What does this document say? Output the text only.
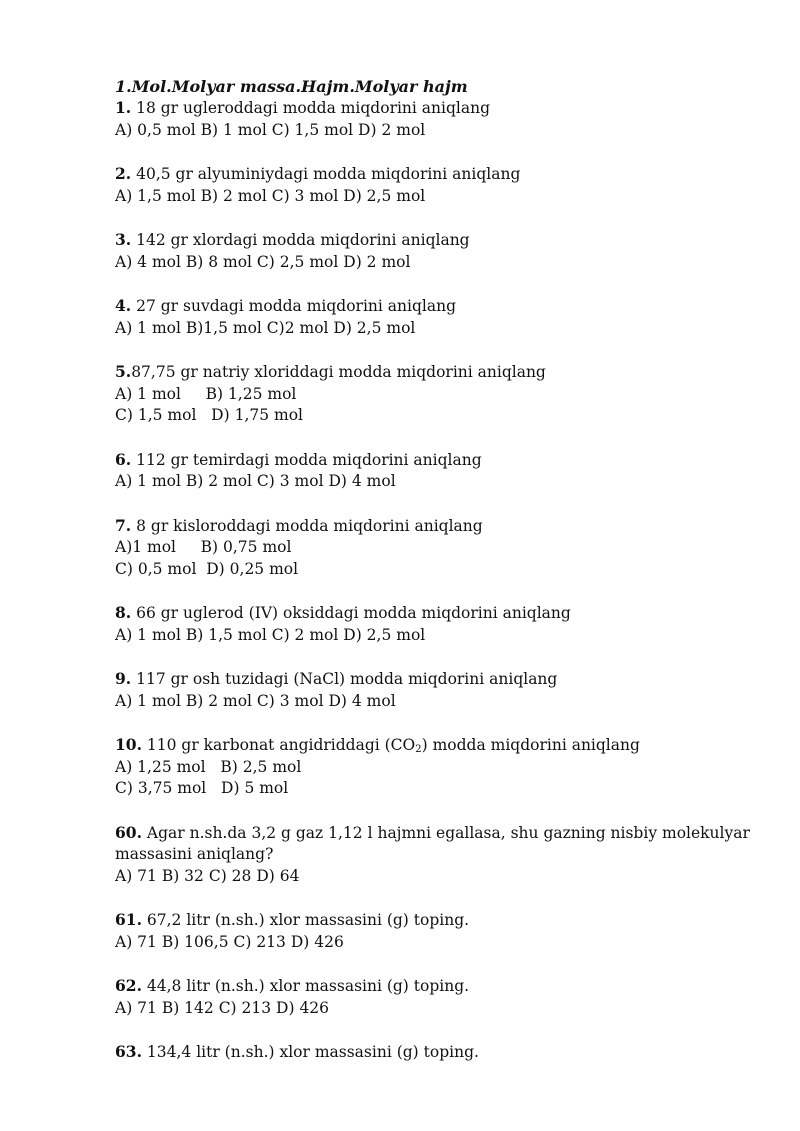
1.Mol.Molyar massa.Hajm.Molyar hajm

1. 18 gr ugleroddagi modda miqdorini aniqlang

A) 0,5 mol B) 1 mol C) 1,5 mol D) 2 mol

2. 40,5 gr alyuminiydagi modda miqdorini aniqlang

A) 1,5 mol B) 2 mol C) 3 mol D) 2,5 mol

3. 142 gr xlordagi modda miqdorini aniqlang

A) 4 mol B) 8 mol C) 2,5 mol D) 2 mol

4. 27 gr suvdagi modda miqdorini aniqlang

A) 1 mol B)1,5 mol C)2 mol D) 2,5 mol

5.87,75 gr natriy xloriddagi modda miqdorini aniqlang

A) 1 mol     B) 1,25 mol

C) 1,5 mol   D) 1,75 mol

6. 112 gr temirdagi modda miqdorini aniqlang

A) 1 mol B) 2 mol C) 3 mol D) 4 mol

7. 8 gr kisloroddagi modda miqdorini aniqlang

A)1 mol     B) 0,75 mol

C) 0,5 mol  D) 0,25 mol

8. 66 gr uglerod (IV) oksiddagi modda miqdorini aniqlang

A) 1 mol B) 1,5 mol C) 2 mol D) 2,5 mol

9. 117 gr osh tuzidagi (NaCl) modda miqdorini aniqlang

A) 1 mol B) 2 mol C) 3 mol D) 4 mol

10. 110 gr karbonat angidriddagi $(CO_2)$ modda miqdorini aniqlang

A) 1,25 mol   B) 2,5 mol

C) 3,75 mol   D) 5 mol

60. Agar n.sh.da 3,2 g gaz 1,12 l hajmni egallasa, shu gazning nisbiy molekulyar

massasini aniqlang?

A) 71 B) 32 C) 28 D) 64

61. 67,2 litr (n.sh.) xlor massasini (g) toping.

A) 71 B) 106,5 C) 213 D) 426

62. 44,8 litr (n.sh.) xlor massasini (g) toping.

A) 71 B) 142 C) 213 D) 426

63. 134,4 litr (n.sh.) xlor massasini (g) toping.
